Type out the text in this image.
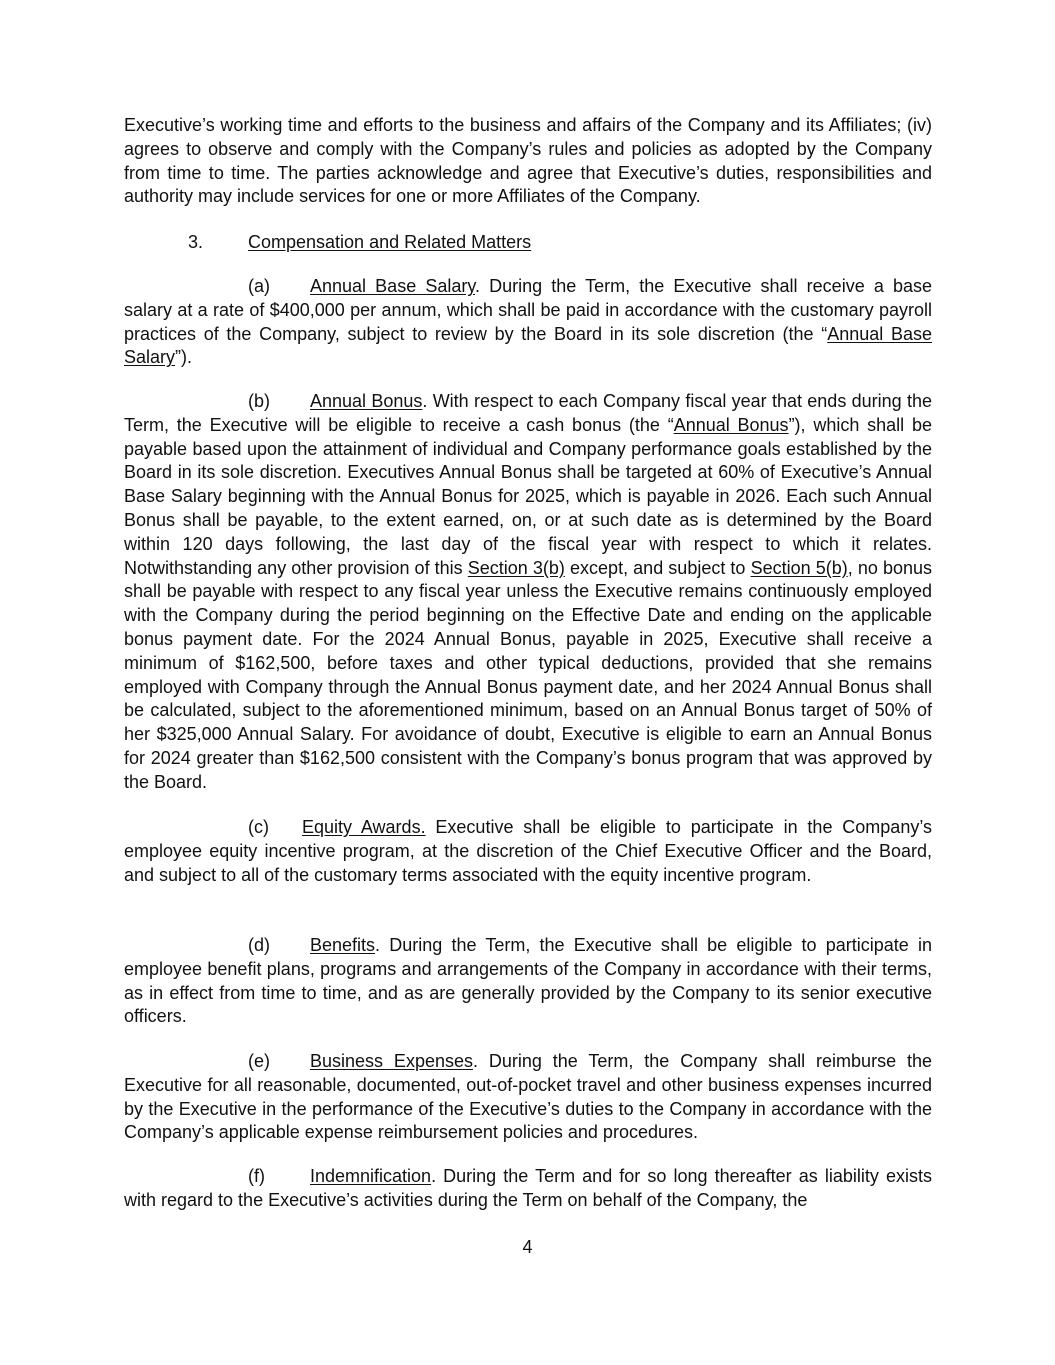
Executive’s working time and efforts to the business and affairs of the Company and its Affiliates; (iv) agrees to observe and comply with the Company’s rules and policies as adopted by the Company from time to time. The parties acknowledge and agree that Executive’s duties, responsibilities and authority may include services for one or more Affiliates of the Company.

3. Compensation and Related Matters

(a) Annual Base Salary. During the Term, the Executive shall receive a base salary at a rate of $400,000 per annum, which shall be paid in accordance with the customary payroll practices of the Company, subject to review by the Board in its sole discretion (the “Annual Base Salary”).

(b) Annual Bonus. With respect to each Company fiscal year that ends during the Term, the Executive will be eligible to receive a cash bonus (the “Annual Bonus”), which shall be payable based upon the attainment of individual and Company performance goals established by the Board in its sole discretion. Executives Annual Bonus shall be targeted at 60% of Executive’s Annual Base Salary beginning with the Annual Bonus for 2025, which is payable in 2026. Each such Annual Bonus shall be payable, to the extent earned, on, or at such date as is determined by the Board within 120 days following, the last day of the fiscal year with respect to which it relates. Notwithstanding any other provision of this Section 3(b) except, and subject to Section 5(b), no bonus shall be payable with respect to any fiscal year unless the Executive remains continuously employed with the Company during the period beginning on the Effective Date and ending on the applicable bonus payment date. For the 2024 Annual Bonus, payable in 2025, Executive shall receive a minimum of $162,500, before taxes and other typical deductions, provided that she remains employed with Company through the Annual Bonus payment date, and her 2024 Annual Bonus shall be calculated, subject to the aforementioned minimum, based on an Annual Bonus target of 50% of her $325,000 Annual Salary. For avoidance of doubt, Executive is eligible to earn an Annual Bonus for 2024 greater than $162,500 consistent with the Company’s bonus program that was approved by the Board.

(c) Equity Awards. Executive shall be eligible to participate in the Company’s employee equity incentive program, at the discretion of the Chief Executive Officer and the Board, and subject to all of the customary terms associated with the equity incentive program.

(d) Benefits. During the Term, the Executive shall be eligible to participate in employee benefit plans, programs and arrangements of the Company in accordance with their terms, as in effect from time to time, and as are generally provided by the Company to its senior executive officers.

(e) Business Expenses. During the Term, the Company shall reimburse the Executive for all reasonable, documented, out-of-pocket travel and other business expenses incurred by the Executive in the performance of the Executive’s duties to the Company in accordance with the Company’s applicable expense reimbursement policies and procedures.

(f)	Indemnification. During the Term and for so long thereafter as liability exists with regard to the Executive’s activities during the Term on behalf of the Company, the

4
